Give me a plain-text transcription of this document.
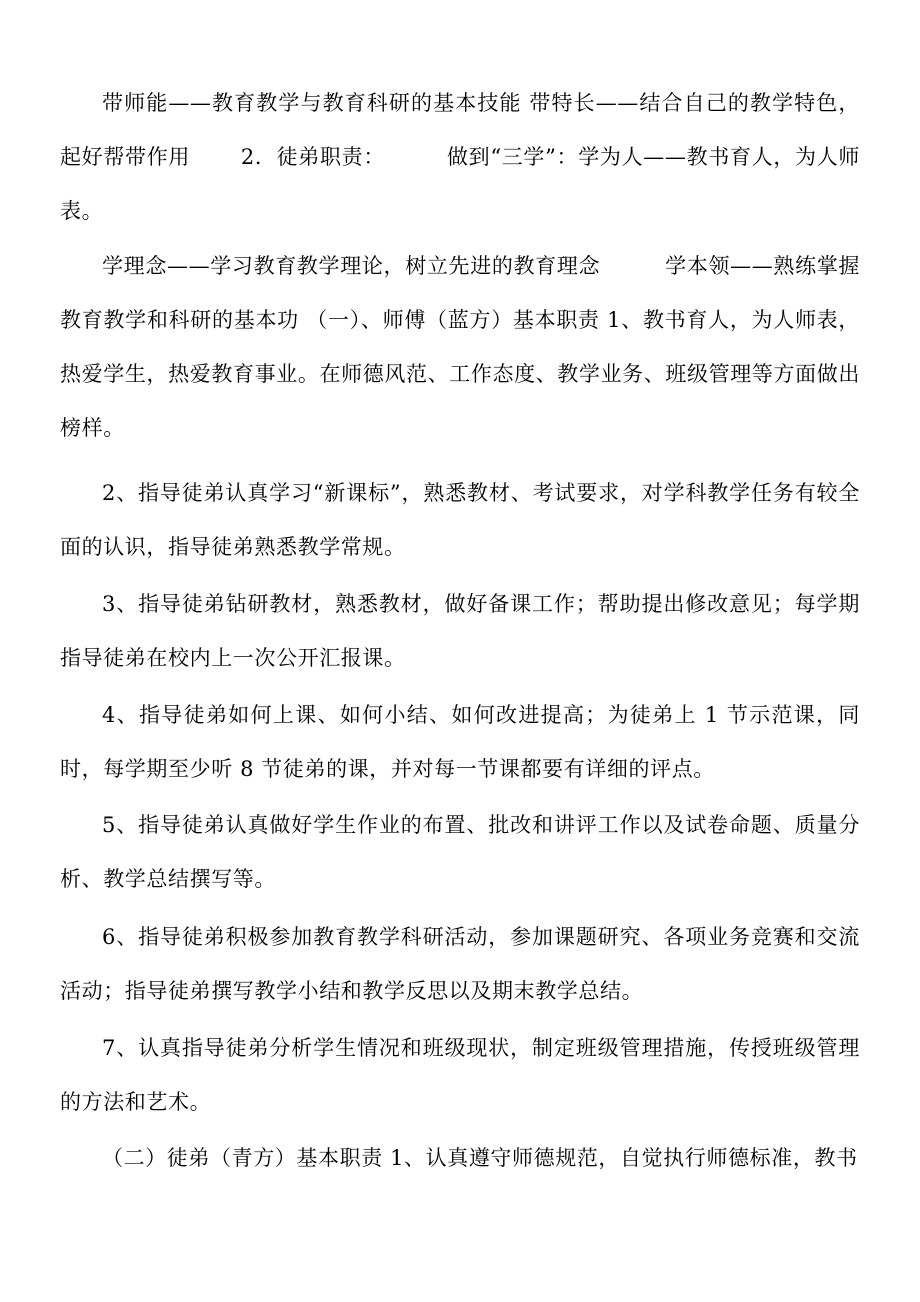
带师能——教育教学与教育科研的基本技能 带特长——结合自己的教学特色，起好帮带作用　　 2．徒弟职责：　　　 做到“三学”：学为人——教书育人，为人师表。

学理念——学习教育教学理论，树立先进的教育理念　　　学本领——熟练掌握教育教学和科研的基本功 （一）、师傅（蓝方）基本职责 1、教书育人，为人师表，热爱学生，热爱教育事业。在师德风范、工作态度、教学业务、班级管理等方面做出榜样。

2、指导徒弟认真学习“新课标”，熟悉教材、考试要求，对学科教学任务有较全面的认识，指导徒弟熟悉教学常规。

3、指导徒弟钻研教材，熟悉教材，做好备课工作；帮助提出修改意见；每学期指导徒弟在校内上一次公开汇报课。

4、指导徒弟如何上课、如何小结、如何改进提高；为徒弟上 1 节示范课，同时，每学期至少听 8 节徒弟的课，并对每一节课都要有详细的评点。

5、指导徒弟认真做好学生作业的布置、批改和讲评工作以及试卷命题、质量分析、教学总结撰写等。

6、指导徒弟积极参加教育教学科研活动，参加课题研究、各项业务竞赛和交流活动；指导徒弟撰写教学小结和教学反思以及期末教学总结。

7、认真指导徒弟分析学生情况和班级现状，制定班级管理措施，传授班级管理的方法和艺术。

（二）徒弟（青方）基本职责 1、认真遵守师德规范，自觉执行师德标准，教书
